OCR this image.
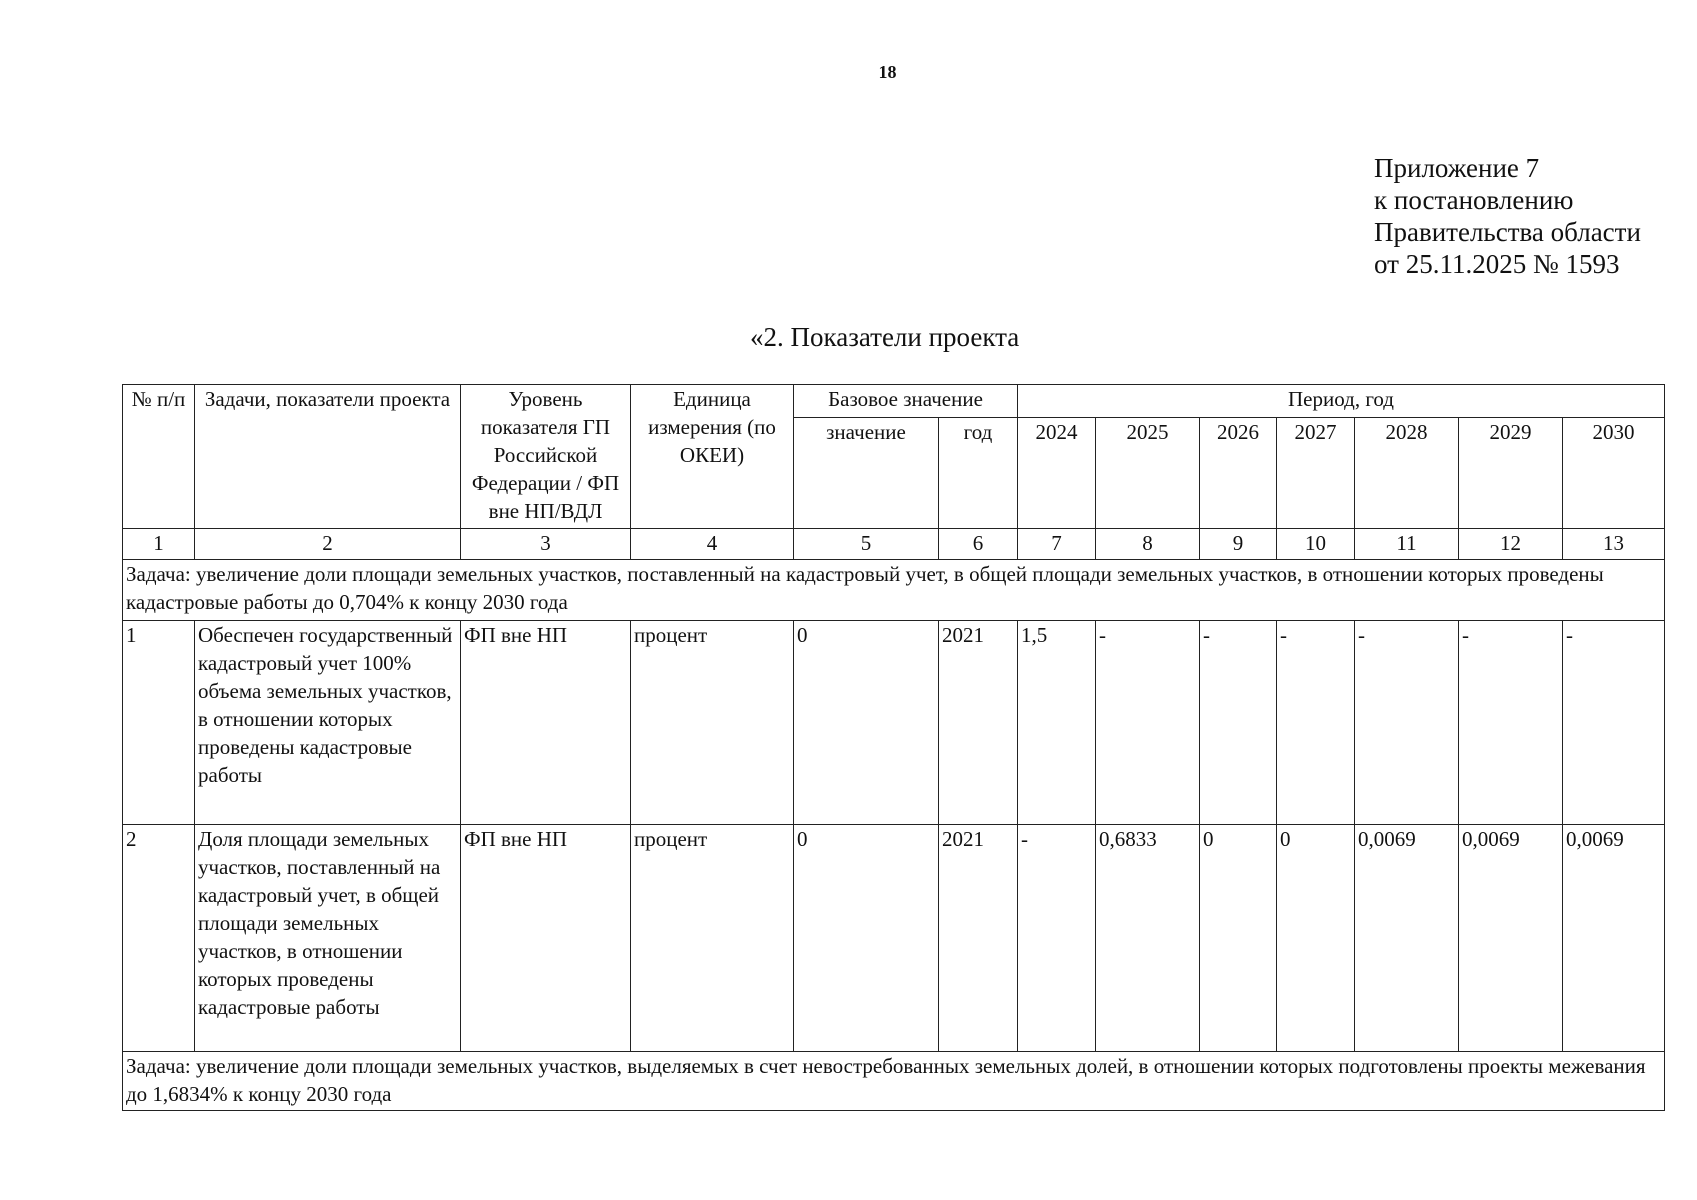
18
Приложение 7
к постановлению
Правительства области
от 25.11.2025 № 1593
«2. Показатели проекта
№ п/п	Задачи, показатели проекта	Уровень показателя ГП Российской Федерации / ФП вне НП/ВДЛ	Единица измерения (по ОКЕИ)	Базовое значение		Период, год						
				значение	год	2024	2025	2026	2027	2028	2029	2030
1	2	3	4	5	6	7	8	9	10	11	12	13
Задача: увеличение доли площади земельных участков, поставленный на кадастровый учет, в общей площади земельных участков, в отношении которых проведены кадастровые работы до 0,704% к концу 2030 года												
1	Обеспечен государственный кадастровый учет 100% объема земельных участков, в отношении которых проведены кадастровые работы	ФП вне НП	процент	0	2021	1,5	-	-	-	-	-	-
2	Доля площади земельных участков, поставленный на кадастровый учет, в общей площади земельных участков, в отношении которых проведены кадастровые работы	ФП вне НП	процент	0	2021	-	0,6833	0	0	0,0069	0,0069	0,0069
Задача: увеличение доли площади земельных участков, выделяемых в счет невостребованных земельных долей, в отношении которых подготовлены проекты межевания до 1,6834% к концу 2030 года												
